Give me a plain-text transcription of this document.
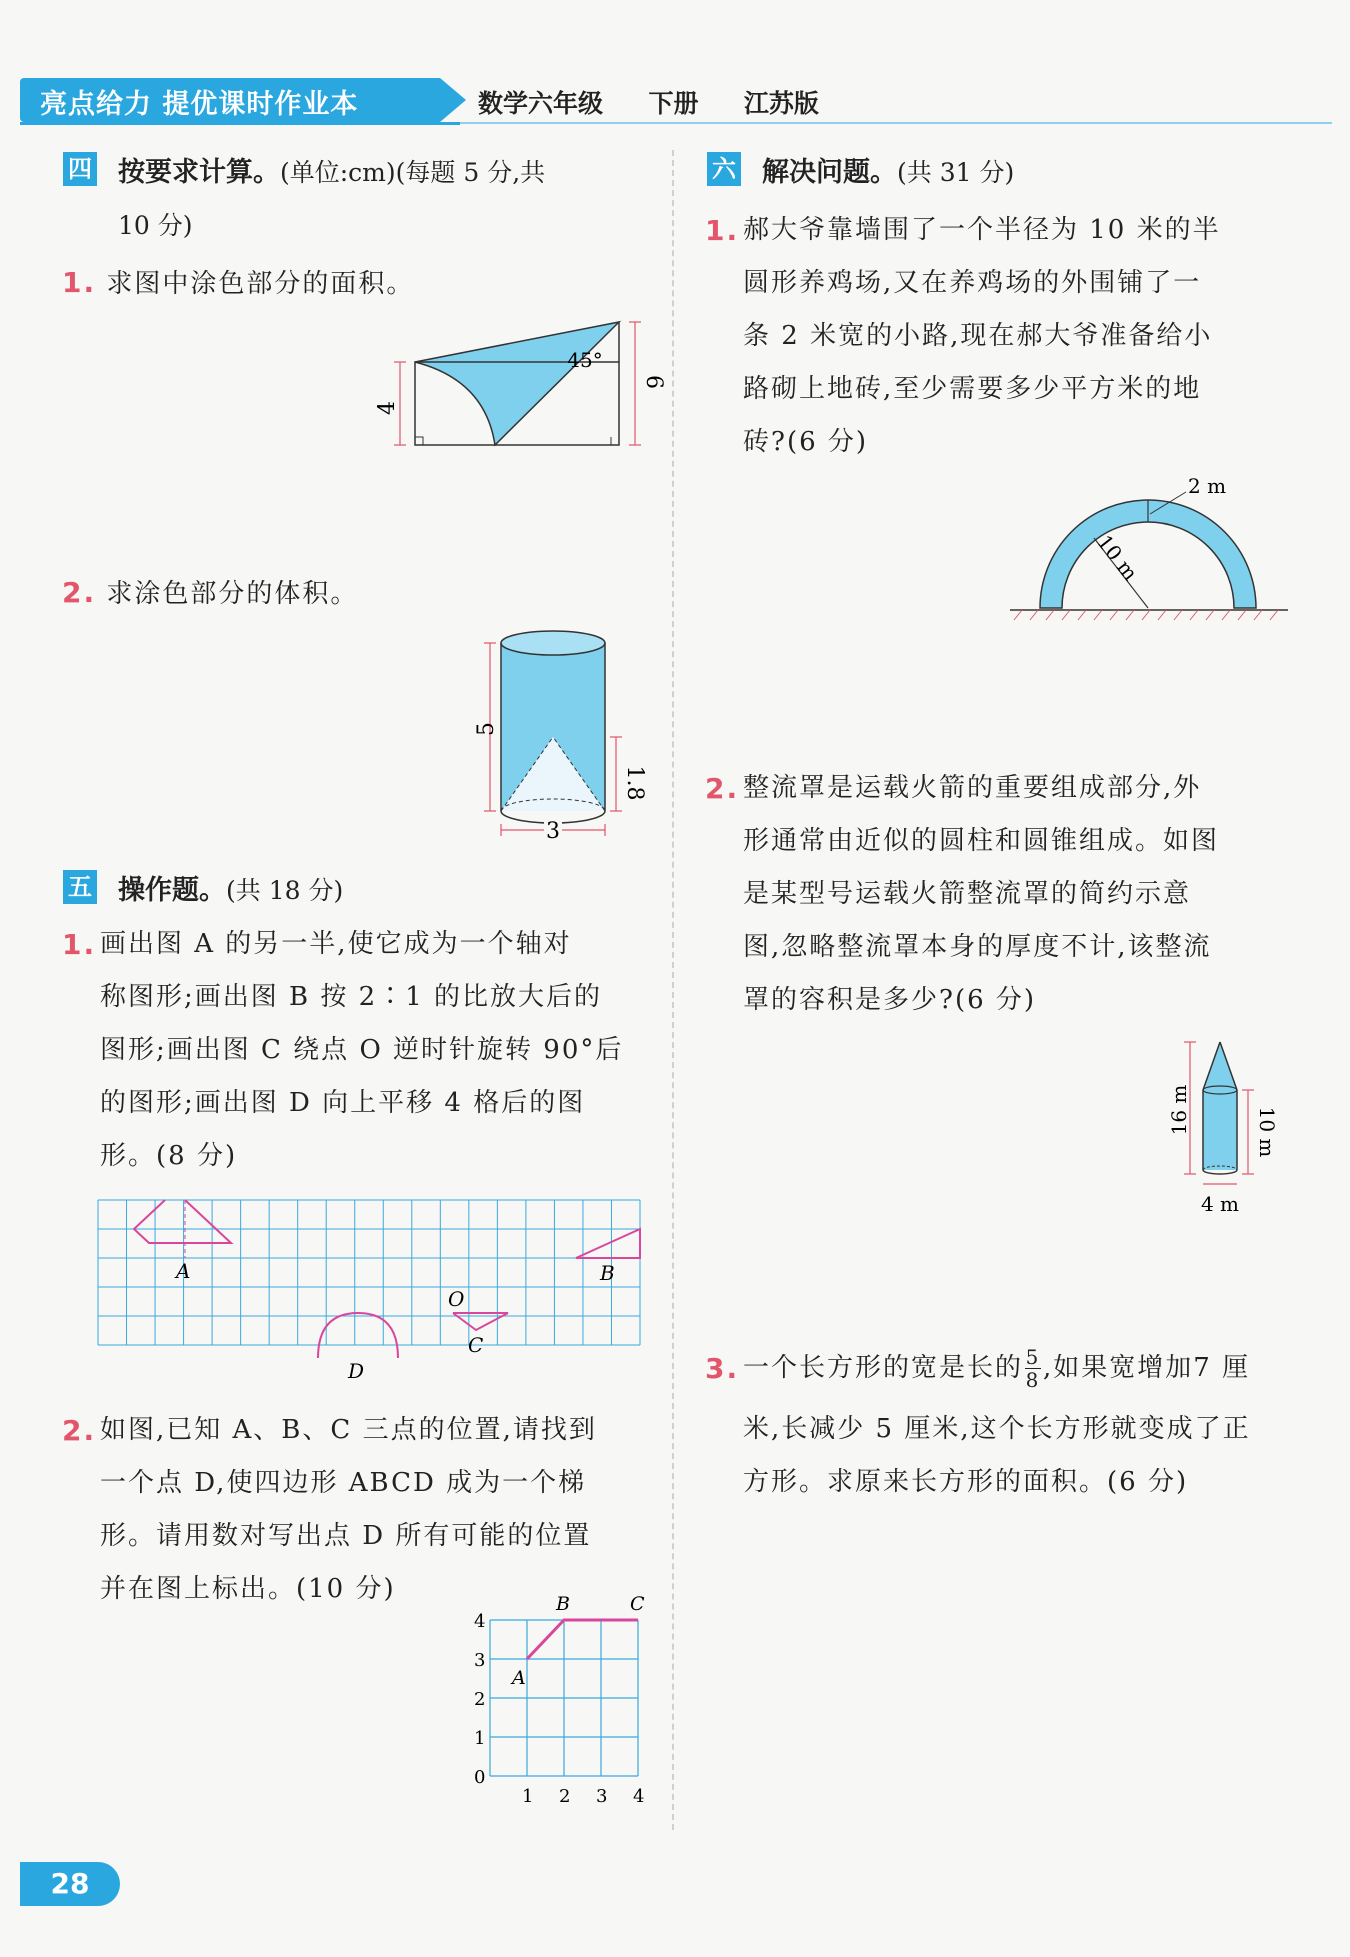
亮点给力 提优课时作业本	数学六年级 下册 江苏版
四 按要求计算。(单位:cm)(每题 5 分,共
10 分)
1. 求图中涂色部分的面积。
4
6
45°
2. 求涂色部分的体积。
5
1.8
3
五 操作题。(共 18 分)
1. 画出图 A 的另一半,使它成为一个轴对
称图形;画出图 B 按 2∶1 的比放大后的
图形;画出图 C 绕点 O 逆时针旋转 90°后
的图形;画出图 D 向上平移 4 格后的图
形。(8 分)
A	B
O
C
D
2. 如图,已知 A、B、C 三点的位置,请找到
一个点 D,使四边形 ABCD 成为一个梯
形。请用数对写出点 D 所有可能的位置
并在图上标出。(10 分)
A
B	C
0
1
2
3
4
1 2 3 4
六 解决问题。(共 31 分)
1. 郝大爷靠墙围了一个半径为 10 米的半
圆形养鸡场,又在养鸡场的外围铺了一
条 2 米宽的小路,现在郝大爷准备给小
路砌上地砖,至少需要多少平方米的地
砖?(6 分)
2 m
10 m
2. 整流罩是运载火箭的重要组成部分,外
形通常由近似的圆柱和圆锥组成。如图
是某型号运载火箭整流罩的简约示意
图,忽略整流罩本身的厚度不计,该整流
罩的容积是多少?(6 分)
16 m	10 m
4 m
3. 一个长方形的宽是长的 5
8 ,如果宽增加7 厘
米,长减少 5 厘米,这个长方形就变成了正
方形。求原来长方形的面积。(6 分)
28
